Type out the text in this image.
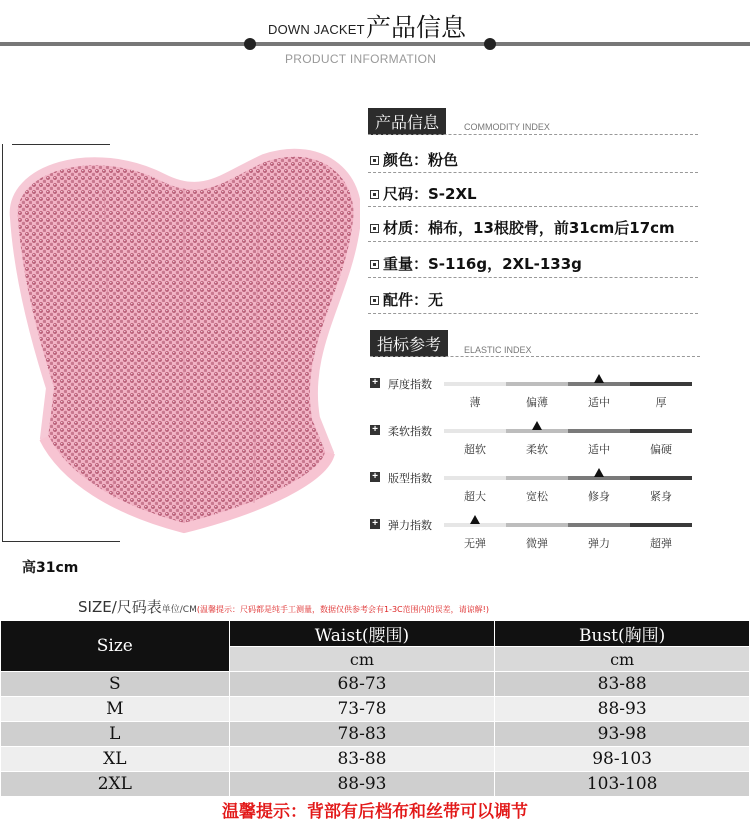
DOWN JACKET 产品信息
PRODUCT INFORMATION
高31cm
产品信息	COMMODITY INDEX
颜色：粉色
尺码：S-2XL
材质：棉布，13根胶骨，前31cm后17cm
重量：S-116g，2XL-133g
配件：无
指标参考	ELASTIC INDEX
+ 厚度指数
薄	偏薄	适中	厚
+ 柔软指数
超软	柔软	适中	偏硬
+ 版型指数
超大	宽松	修身	紧身
+ 弹力指数
无弹	微弹	弹力	超弹
SIZE/尺码表单位/CM(温馨提示：尺码都是纯手工测量，数据仅供参考会有1-3C范围内的误差，请谅解!)
Size	Waist(腰围)	Bust(胸围)
	cm	cm
S	68-73	83-88
M	73-78	88-93
L	78-83	93-98
XL	83-88	98-103
2XL	88-93	103-108
温馨提示：背部有后档布和丝带可以调节
